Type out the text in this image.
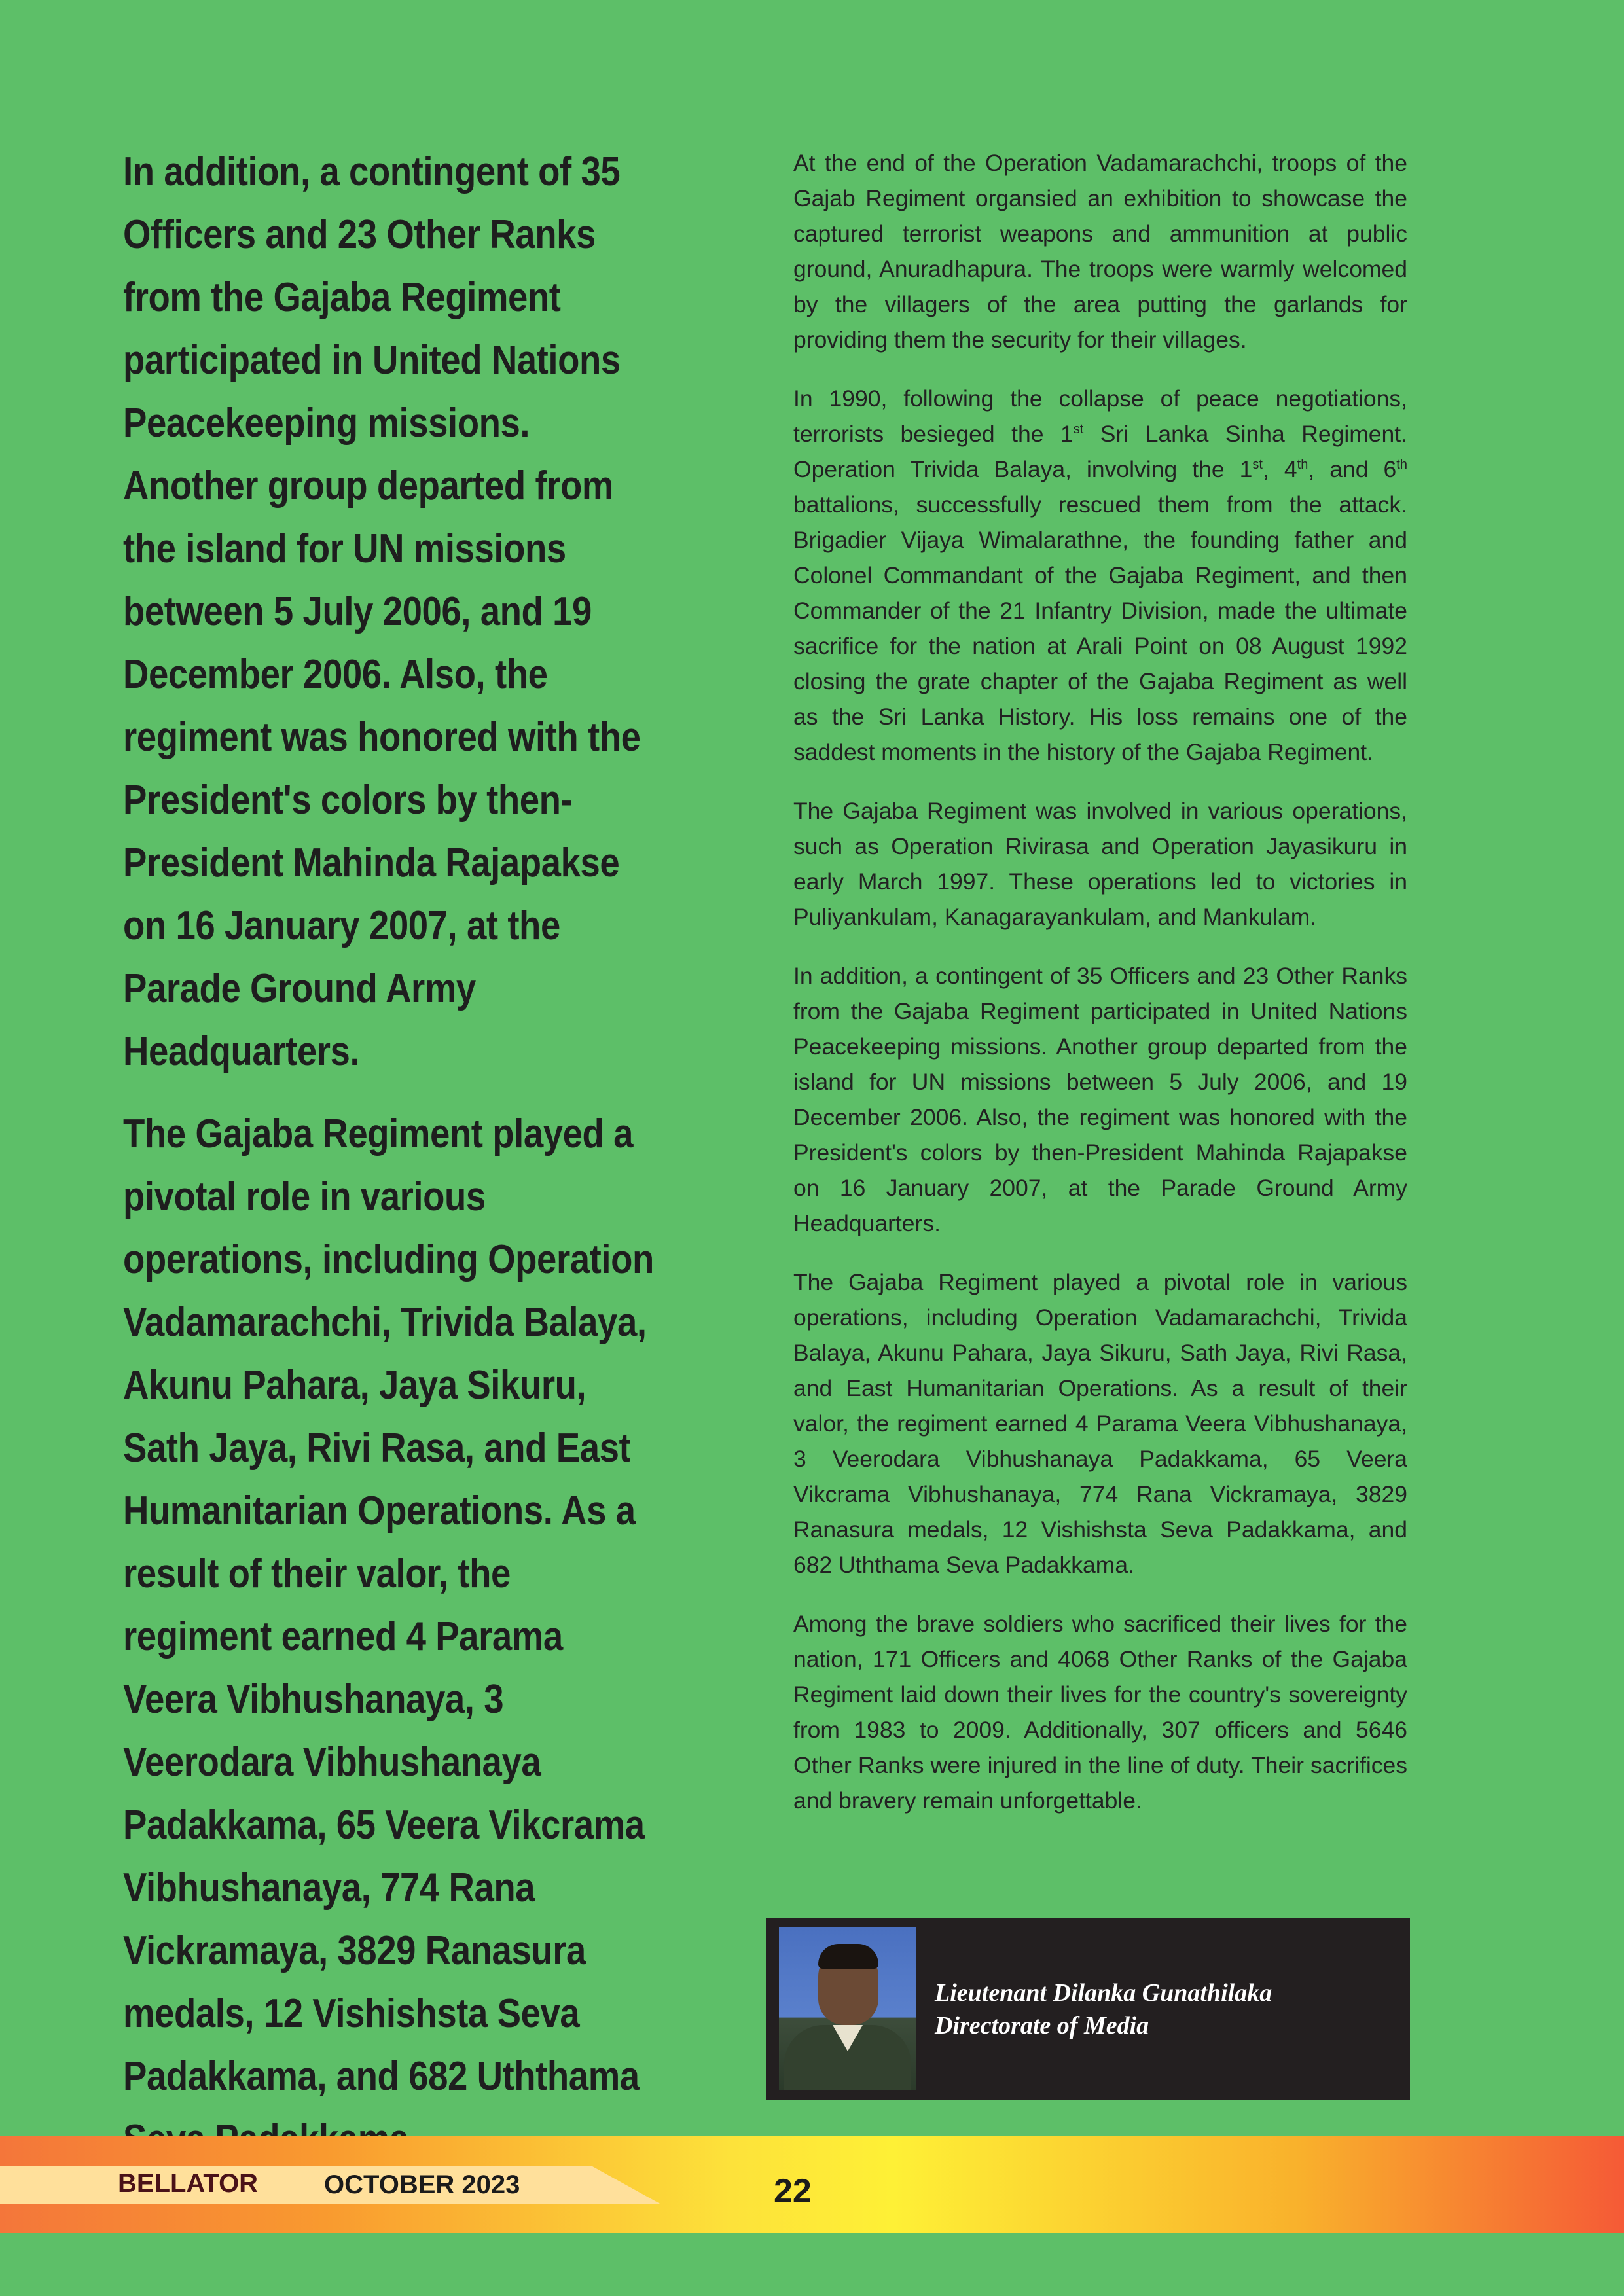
In addition, a contingent of 35 Officers and 23 Other Ranks from the Gajaba Regiment participated in United Nations Peacekeeping missions. Another group departed from the island for UN missions between 5 July 2006, and 19 December 2006. Also, the regiment was honored with the President's colors by then-President Mahinda Rajapakse on 16 January 2007, at the Parade Ground Army Headquarters.

The Gajaba Regiment played a pivotal role in various operations, including Operation Vadamarachchi, Trivida Balaya, Akunu Pahara, Jaya Sikuru, Sath Jaya, Rivi Rasa, and East Humanitarian Operations. As a result of their valor, the regiment earned 4 Parama Veera Vibhushanaya, 3 Veerodara Vibhushanaya Padakkama, 65 Veera Vikcrama Vibhushanaya, 774 Rana Vickramaya, 3829 Ranasura medals, 12 Vishishsta Seva Padakkama, and 682 Uththama

At the end of the Operation Vadamarachchi, troops of the Gajab Regiment organsied an exhibition to showcase the captured terrorist weapons and ammunition at public ground, Anuradhapura. The troops were warmly welcomed by the villagers of the area putting the garlands for providing them the security for their villages.

In 1990, following the collapse of peace negotiations, terrorists besieged the 1st Sri Lanka Sinha Regiment. Operation Trivida Balaya, involving the 1st, 4th, and 6th battalions, successfully rescued them from the attack. Brigadier Vijaya Wimalarathne, the founding father and Colonel Commandant of the Gajaba Regiment, and then Commander of the 21 Infantry Division, made the ultimate sacrifice for the nation at Arali Point on 08 August 1992 closing the grate chapter of the Gajaba Regiment as well as the Sri Lanka History. His loss remains one of the saddest moments in the history of the Gajaba Regiment.

The Gajaba Regiment was involved in various operations, such as Operation Rivirasa and Operation Jayasikuru in early March 1997. These operations led to victories in Puliyankulam, Kanagarayankulam, and Mankulam.

In addition, a contingent of 35 Officers and 23 Other Ranks from the Gajaba Regiment participated in United Nations Peacekeeping missions. Another group departed from the island for UN missions between 5 July 2006, and 19 December 2006. Also, the regiment was honored with the President's colors by then-President Mahinda Rajapakse on 16 January 2007, at the Parade Ground Army Headquarters.

The Gajaba Regiment played a pivotal role in various operations, including Operation Vadamarachchi, Trivida Balaya, Akunu Pahara, Jaya Sikuru, Sath Jaya, Rivi Rasa, and East Humanitarian Operations. As a result of their valor, the regiment earned 4 Parama Veera Vibhushanaya, 3 Veerodara Vibhushanaya Padakkama, 65 Veera Vikcrama Vibhushanaya, 774 Rana Vickramaya, 3829 Ranasura medals, 12 Vishishsta Seva Padakkama, and 682 Uththama Seva Padakkama.

Among the brave soldiers who sacrificed their lives for the nation, 171 Officers and 4068 Other Ranks of the Gajaba Regiment laid down their lives for the country's sovereignty from 1983 to 2009. Additionally, 307 officers and 5646 Other Ranks were injured in the line of duty. Their sacrifices and bravery remain unforgettable.

Lieutenant Dilanka Gunathilaka
Directorate of Media
BELLATOR	OCTOBER 2023	22
